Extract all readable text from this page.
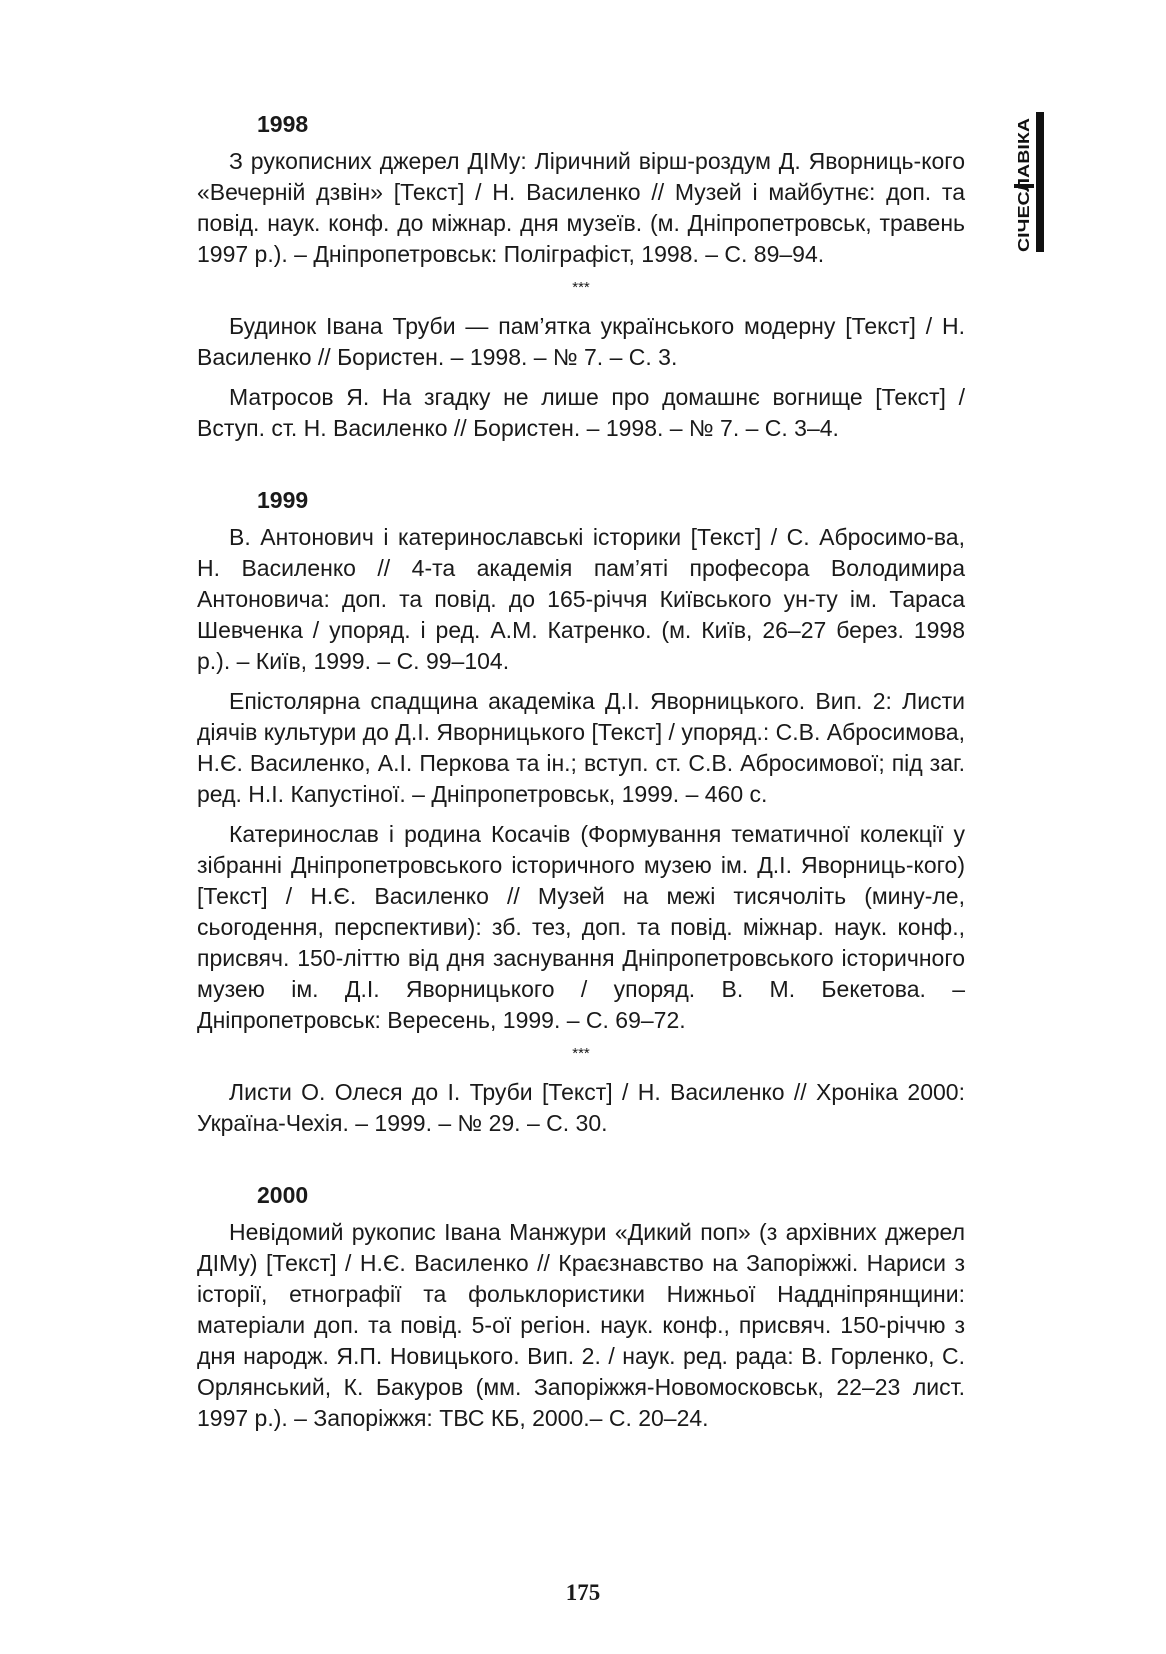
СІЧЕСЛАВІКА
1998
З рукописних джерел ДІМу: Ліричний вірш-роздум Д. Яворниць-кого «Вечерній дзвін» [Текст] / Н. Василенко // Музей і майбутнє: доп. та повід. наук. конф. до міжнар. дня музеїв. (м. Дніпропетровськ, травень 1997 р.). – Дніпропетровськ: Поліграфіст, 1998. – С. 89–94.
***
Будинок Івана Труби — пам’ятка українського модерну [Текст] / Н. Василенко // Бористен. – 1998. – № 7. – С. 3.
Матросов Я. На згадку не лише про домашнє вогнище [Текст] / Вступ. ст. Н. Василенко // Бористен. – 1998. – № 7. – С. 3–4.
1999
В. Антонович і катеринославські історики [Текст] / С. Абросимо-ва, Н. Василенко // 4-та академія пам’яті професора Володимира Антоновича: доп. та повід. до 165-річчя Київського ун-ту ім. Тараса Шевченка / упоряд. і ред. А.М. Катренко. (м. Київ, 26–27 берез. 1998 р.). – Київ, 1999. – С. 99–104.
Епістолярна спадщина академіка Д.І. Яворницького. Вип. 2: Листи діячів культури до Д.І. Яворницького [Текст] / упоряд.: С.В. Абросимова, Н.Є. Василенко, А.І. Перкова та ін.; вступ. ст. С.В. Абросимової; під заг. ред. Н.І. Капустіної. – Дніпропетровськ, 1999. – 460 с.
Катеринослав і родина Косачів (Формування тематичної колекції у зібранні Дніпропетровського історичного музею ім. Д.І. Яворниць-кого) [Текст] / Н.Є. Василенко // Музей на межі тисячоліть (мину-ле, сьогодення, перспективи): зб. тез, доп. та повід. міжнар. наук. конф., присвяч. 150-літтю від дня заснування Дніпропетровського історичного музею ім. Д.І. Яворницького / упоряд. В. М. Бекетова. – Дніпропетровськ: Вересень, 1999. – С. 69–72.
***
Листи О. Олеся до І. Труби [Текст] / Н. Василенко // Хроніка 2000: Україна-Чехія. – 1999. – № 29. – С. 30.
2000
Невідомий рукопис Івана Манжури «Дикий поп» (з архівних джерел ДІМу) [Текст] / Н.Є. Василенко // Краєзнавство на Запоріжжі. Нариси з історії, етнографії та фольклористики Нижньої Наддніпрянщини: матеріали доп. та повід. 5-ої регіон. наук. конф., присвяч. 150-річчю з дня народж. Я.П. Новицького. Вип. 2. / наук. ред. рада: В. Горленко, С. Орлянський, К. Бакуров (мм. Запоріжжя-Новомосковськ, 22–23 лист. 1997 р.). – Запоріжжя: ТВС КБ, 2000.– С. 20–24.
175
